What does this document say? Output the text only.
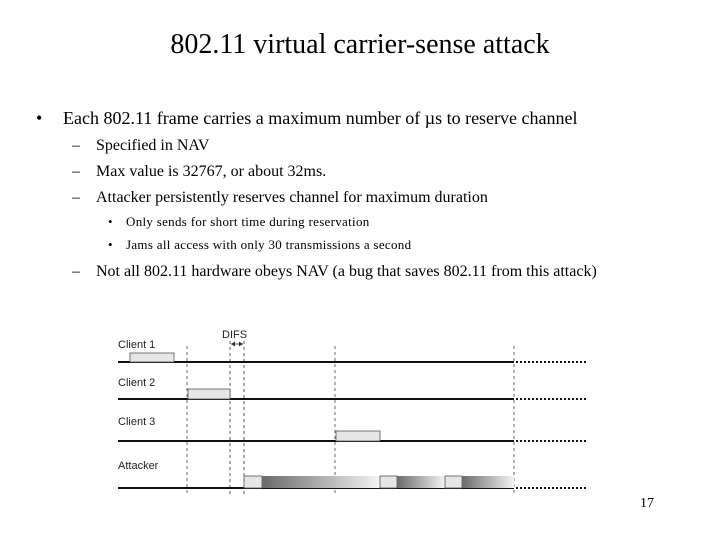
802.11 virtual carrier-sense attack
• Each 802.11 frame carries a maximum number of µs to reserve channel
– Specified in NAV
– Max value is 32767, or about 32ms.
– Attacker persistently reserves channel for maximum duration
• Only sends for short time during reservation
• Jams all access with only 30 transmissions a second
– Not all 802.11 hardware obeys NAV (a bug that saves 802.11 from this attack)
DIFS
Client 1
Client 2
Client 3
Attacker
17
